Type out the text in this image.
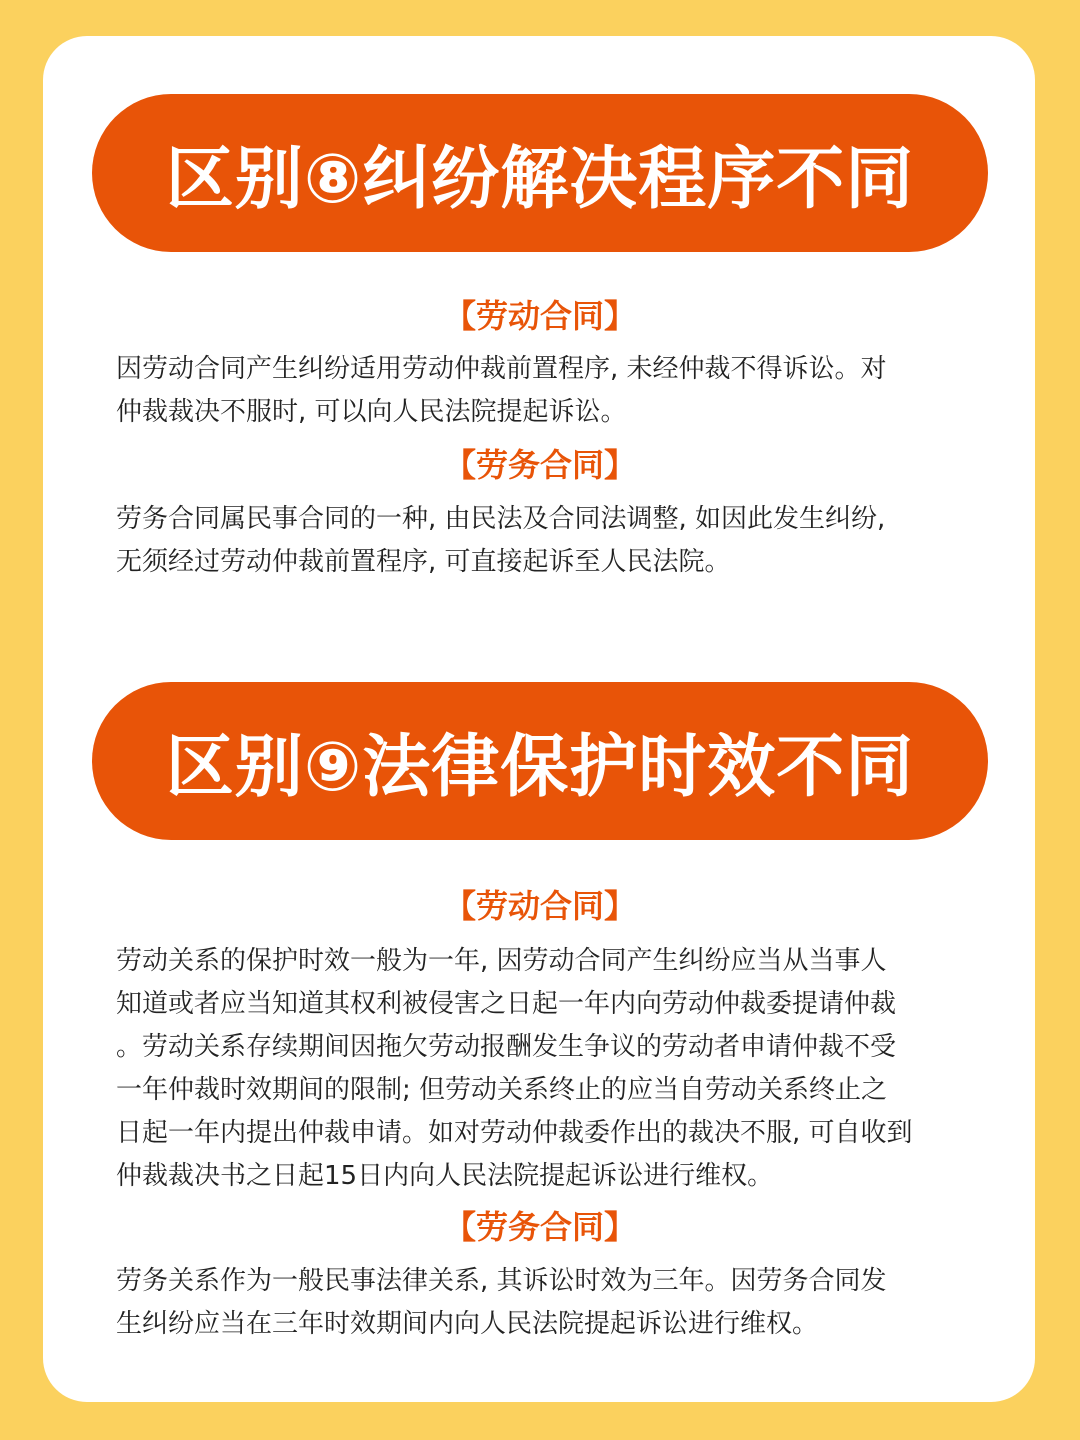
区别⑧纠纷解决程序不同
【劳动合同】
因劳动合同产生纠纷适用劳动仲裁前置程序, 未经仲裁不得诉讼。对
仲裁裁决不服时, 可以向人民法院提起诉讼。
【劳务合同】
劳务合同属民事合同的一种, 由民法及合同法调整, 如因此发生纠纷,
无须经过劳动仲裁前置程序, 可直接起诉至人民法院。
区别⑨法律保护时效不同
【劳动合同】
劳动关系的保护时效一般为一年, 因劳动合同产生纠纷应当从当事人
知道或者应当知道其权利被侵害之日起一年内向劳动仲裁委提请仲裁
。劳动关系存续期间因拖欠劳动报酬发生争议的劳动者申请仲裁不受
一年仲裁时效期间的限制; 但劳动关系终止的应当自劳动关系终止之
日起一年内提出仲裁申请。如对劳动仲裁委作出的裁决不服, 可自收到
仲裁裁决书之日起15日内向人民法院提起诉讼进行维权。
【劳务合同】
劳务关系作为一般民事法律关系, 其诉讼时效为三年。因劳务合同发
生纠纷应当在三年时效期间内向人民法院提起诉讼进行维权。
